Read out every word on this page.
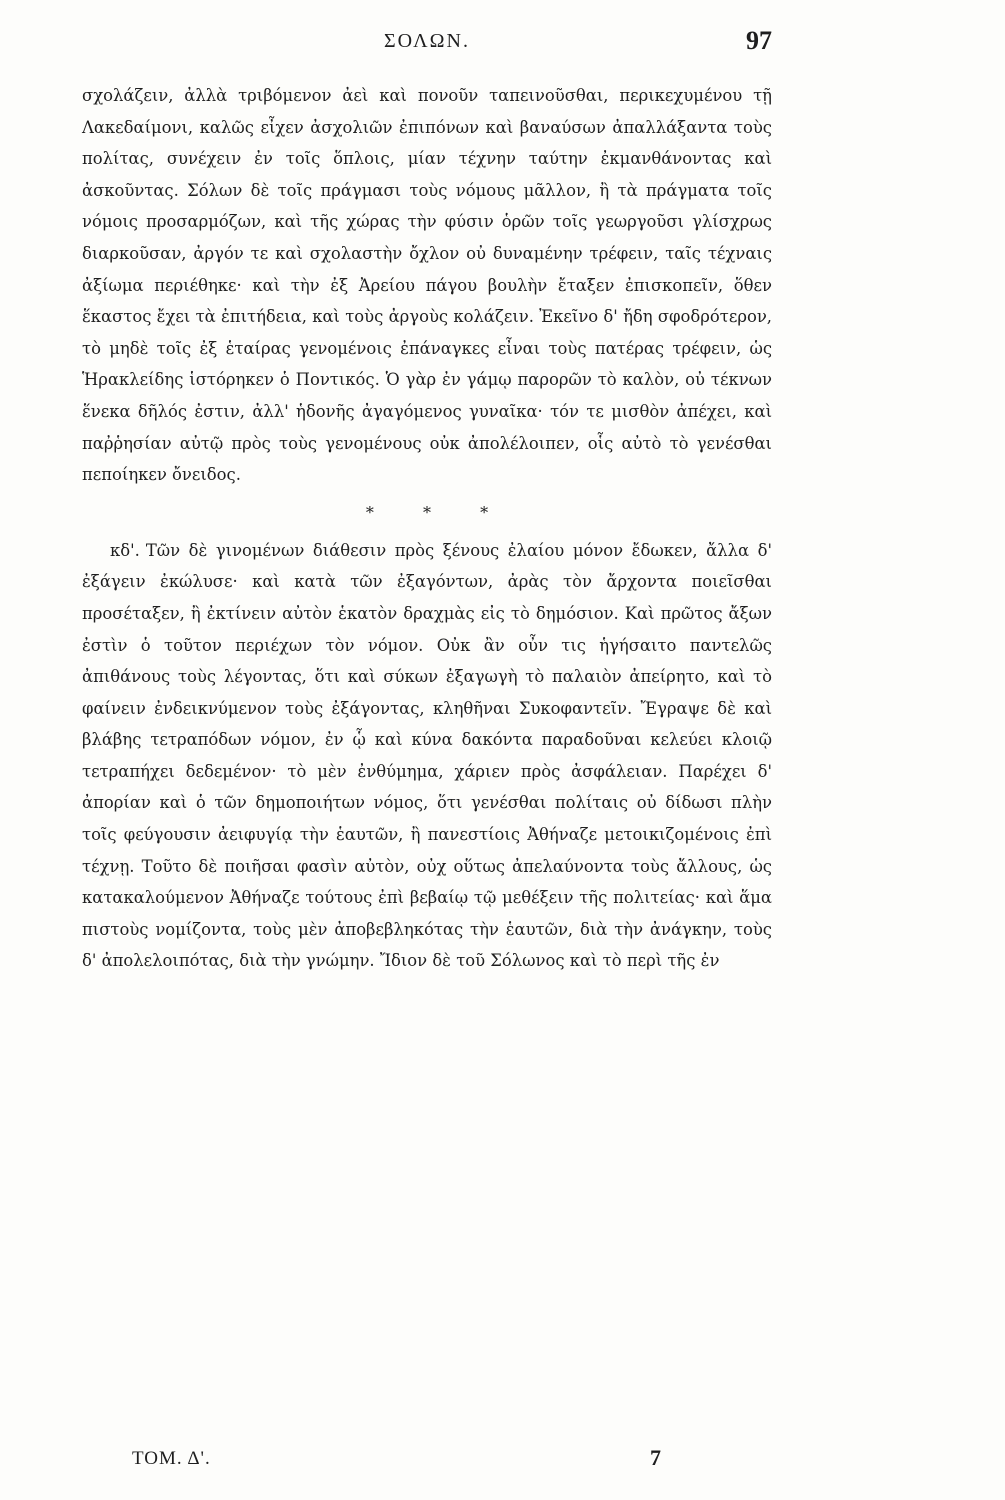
ΣΟΛΩΝ.	97

σχολάζειν, ἀλλὰ τριβόμενον ἀεὶ καὶ πονοῦν ταπεινοῦσθαι, περικεχυμένου τῇ Λακεδαίμονι, καλῶς εἶχεν ἀσχολιῶν ἐπιπόνων καὶ βαναύσων ἀπαλλάξαντα τοὺς πολίτας, συνέχειν ἐν τοῖς ὅπλοις, μίαν τέχνην ταύτην ἐκμανθάνοντας καὶ ἀσκοῦντας. Σόλων δὲ τοῖς πράγμασι τοὺς νόμους μᾶλλον, ἢ τὰ πράγματα τοῖς νόμοις προσαρμόζων, καὶ τῆς χώρας τὴν φύσιν ὁρῶν τοῖς γεωργοῦσι γλίσχρως διαρκοῦσαν, ἀργόν τε καὶ σχολαστὴν ὄχλον οὐ δυναμένην τρέφειν, ταῖς τέχναις ἀξίωμα περιέθηκε· καὶ τὴν ἐξ Ἀρείου πάγου βουλὴν ἔταξεν ἐπισκοπεῖν, ὅθεν ἕκαστος ἔχει τὰ ἐπιτήδεια, καὶ τοὺς ἀργοὺς κολάζειν. Ἐκεῖνο δ' ἤδη σφοδρότερον, τὸ μηδὲ τοῖς ἐξ ἑταίρας γενομένοις ἐπάναγκες εἶναι τοὺς πατέρας τρέφειν, ὡς Ἡρακλείδης ἱστόρηκεν ὁ Ποντικός. Ὁ γὰρ ἐν γάμῳ παρορῶν τὸ καλὸν, οὐ τέκνων ἕνεκα δῆλός ἐστιν, ἀλλ' ἡδονῆς ἀγαγόμενος γυναῖκα· τόν τε μισθὸν ἀπέχει, καὶ παῤῥησίαν αὐτῷ πρὸς τοὺς γενομένους οὐκ ἀπολέλοιπεν, οἷς αὐτὸ τὸ γενέσθαι πεποίηκεν ὄνειδος.

* * *

κδ'. Τῶν δὲ γινομένων διάθεσιν πρὸς ξένους ἐλαίου μόνον ἔδωκεν, ἄλλα δ' ἐξάγειν ἐκώλυσε· καὶ κατὰ τῶν ἐξαγόντων, ἀρὰς τὸν ἄρχοντα ποιεῖσθαι προσέταξεν, ἢ ἐκτίνειν αὐτὸν ἑκατὸν δραχμὰς εἰς τὸ δημόσιον. Καὶ πρῶτος ἄξων ἐστὶν ὁ τοῦτον περιέχων τὸν νόμον. Οὐκ ἂν οὖν τις ἡγήσαιτο παντελῶς ἀπιθάνους τοὺς λέγοντας, ὅτι καὶ σύκων ἐξαγωγὴ τὸ παλαιὸν ἀπείρητο, καὶ τὸ φαίνειν ἐνδεικνύμενον τοὺς ἐξάγοντας, κληθῆναι Συκοφαντεῖν. Ἔγραψε δὲ καὶ βλάβης τετραπόδων νόμον, ἐν ᾧ καὶ κύνα δακόντα παραδοῦναι κελεύει κλοιῷ τετραπήχει δεδεμένον· τὸ μὲν ἐνθύμημα, χάριεν πρὸς ἀσφάλειαν. Παρέχει δ' ἀπορίαν καὶ ὁ τῶν δημοποιήτων νόμος, ὅτι γενέσθαι πολίταις οὐ δίδωσι πλὴν τοῖς φεύγουσιν ἀειφυγίᾳ τὴν ἑαυτῶν, ἢ πανεστίοις Ἀθήναζε μετοικιζομένοις ἐπὶ τέχνῃ. Τοῦτο δὲ ποιῆσαι φασὶν αὐτὸν, οὐχ οὕτως ἀπελαύνοντα τοὺς ἄλλους, ὡς κατακαλούμενον Ἀθήναζε τούτους ἐπὶ βεβαίῳ τῷ μεθέξειν τῆς πολιτείας· καὶ ἅμα πιστοὺς νομίζοντα, τοὺς μὲν ἀποβεβληκότας τὴν ἑαυτῶν, διὰ τὴν ἀνάγκην, τοὺς δ' ἀπολελοιπότας, διὰ τὴν γνώμην. Ἴδιον δὲ τοῦ Σόλωνος καὶ τὸ περὶ τῆς ἐν

ΤΟΜ. Δ'.	7
